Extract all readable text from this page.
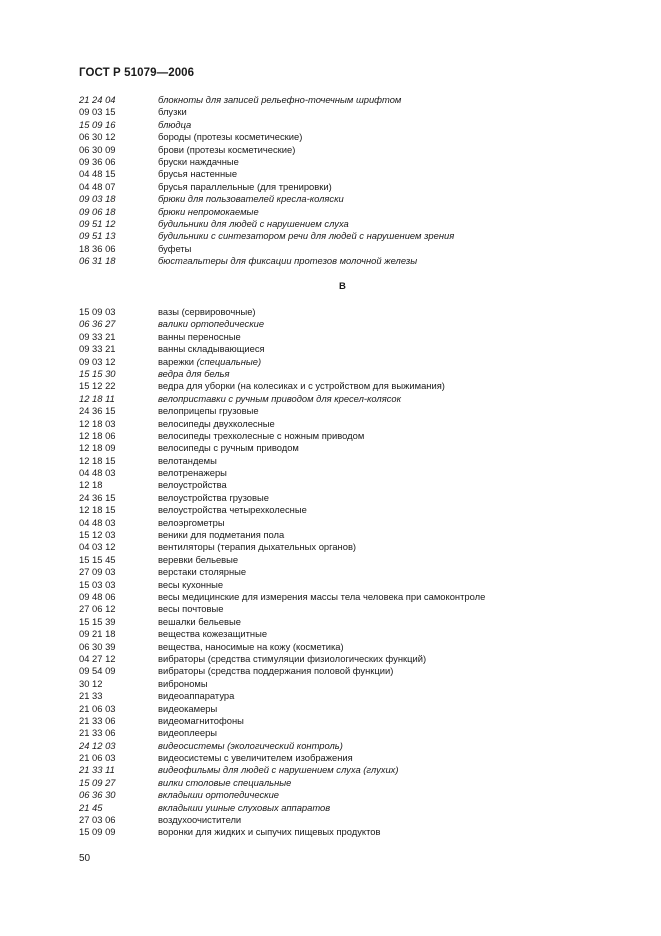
ГОСТ Р 51079—2006
21 24 04	блокноты для записей рельефно-точечным шрифтом
09 03 15	блузки
15 09 16	блюдца
06 30 12	бороды (протезы косметические)
06 30 09	брови (протезы косметические)
09 36 06	бруски наждачные
04 48 15	брусья настенные
04 48 07	брусья параллельные (для тренировки)
09 03 18	брюки для пользователей кресла-коляски
09 06 18	брюки непромокаемые
09 51 12	будильники для людей с нарушением слуха
09 51 13	будильники с синтезатором речи для людей с нарушением зрения
18 36 06	буфеты
06 31 18	бюстгальтеры для фиксации протезов молочной железы
В
15 09 03	вазы (сервировочные)
06 36 27	валики ортопедические
09 33 21	ванны переносные
09 33 21	ванны складывающиеся
09 03 12	варежки (специальные)
15 15 30	ведра для белья
15 12 22	ведра для уборки (на колесиках и с устройством для выжимания)
12 18 11	велоприставки с ручным приводом для кресел-колясок
24 36 15	велоприцепы грузовые
12 18 03	велосипеды двухколесные
12 18 06	велосипеды трехколесные с ножным приводом
12 18 09	велосипеды с ручным приводом
12 18 15	велотандемы
04 48 03	велотренажеры
12 18	велоустройства
24 36 15	велоустройства грузовые
12 18 15	велоустройства четырехколесные
04 48 03	велоэргометры
15 12 03	веники для подметания пола
04 03 12	вентиляторы (терапия дыхательных органов)
15 15 45	веревки бельевые
27 09 03	верстаки столярные
15 03 03	весы кухонные
09 48 06	весы медицинские для измерения массы тела человека при самоконтроле
27 06 12	весы почтовые
15 15 39	вешалки бельевые
09 21 18	вещества кожезащитные
06 30 39	вещества, наносимые на кожу (косметика)
04 27 12	вибраторы (средства стимуляции физиологических функций)
09 54 09	вибраторы (средства поддержания половой функции)
30 12	виброномы
21 33	видеоаппаратура
21 06 03	видеокамеры
21 33 06	видеомагнитофоны
21 33 06	видеоплееры
24 12 03	видеосистемы (экологический контроль)
21 06 03	видеосистемы с увеличителем изображения
21 33 11	видеофильмы для людей с нарушением слуха (глухих)
15 09 27	вилки столовые специальные
06 36 30	вкладыши ортопедические
21 45	вкладыши ушные слуховых аппаратов
27 03 06	воздухоочистители
15 09 09	воронки для жидких и сыпучих пищевых продуктов
50
